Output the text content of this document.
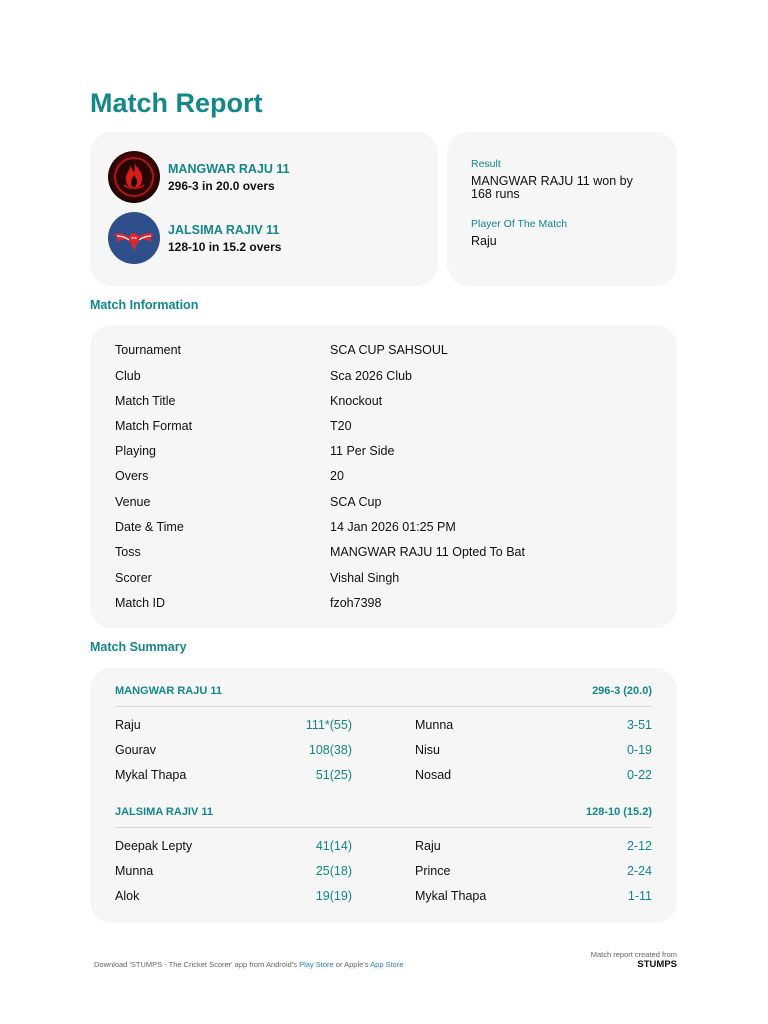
Match Report
MANGWAR RAJU 11
296-3 in 20.0 overs
JALSIMA RAJIV 11
128-10 in 15.2 overs
Result
MANGWAR RAJU 11 won by 168 runs
Player Of The Match
Raju
Match Information
Tournament	SCA CUP SAHSOUL
Club	Sca 2026 Club
Match Title	Knockout
Match Format	T20
Playing	11 Per Side
Overs	20
Venue	SCA Cup
Date & Time	14 Jan 2026 01:25 PM
Toss	MANGWAR RAJU 11 Opted To Bat
Scorer	Vishal Singh
Match ID	fzoh7398
Match Summary
MANGWAR RAJU 11	296-3 (20.0)
Raju	111*(55)	Munna	3-51
Gourav	108(38)	Nisu	0-19
Mykal Thapa	51(25)	Nosad	0-22
JALSIMA RAJIV 11	128-10 (15.2)
Deepak Lepty	41(14)	Raju	2-12
Munna	25(18)	Prince	2-24
Alok	19(19)	Mykal Thapa	1-11
Download 'STUMPS - The Cricket Scorer' app from Android's Play Store or Apple's App Store
Match report created from
STUMPS
